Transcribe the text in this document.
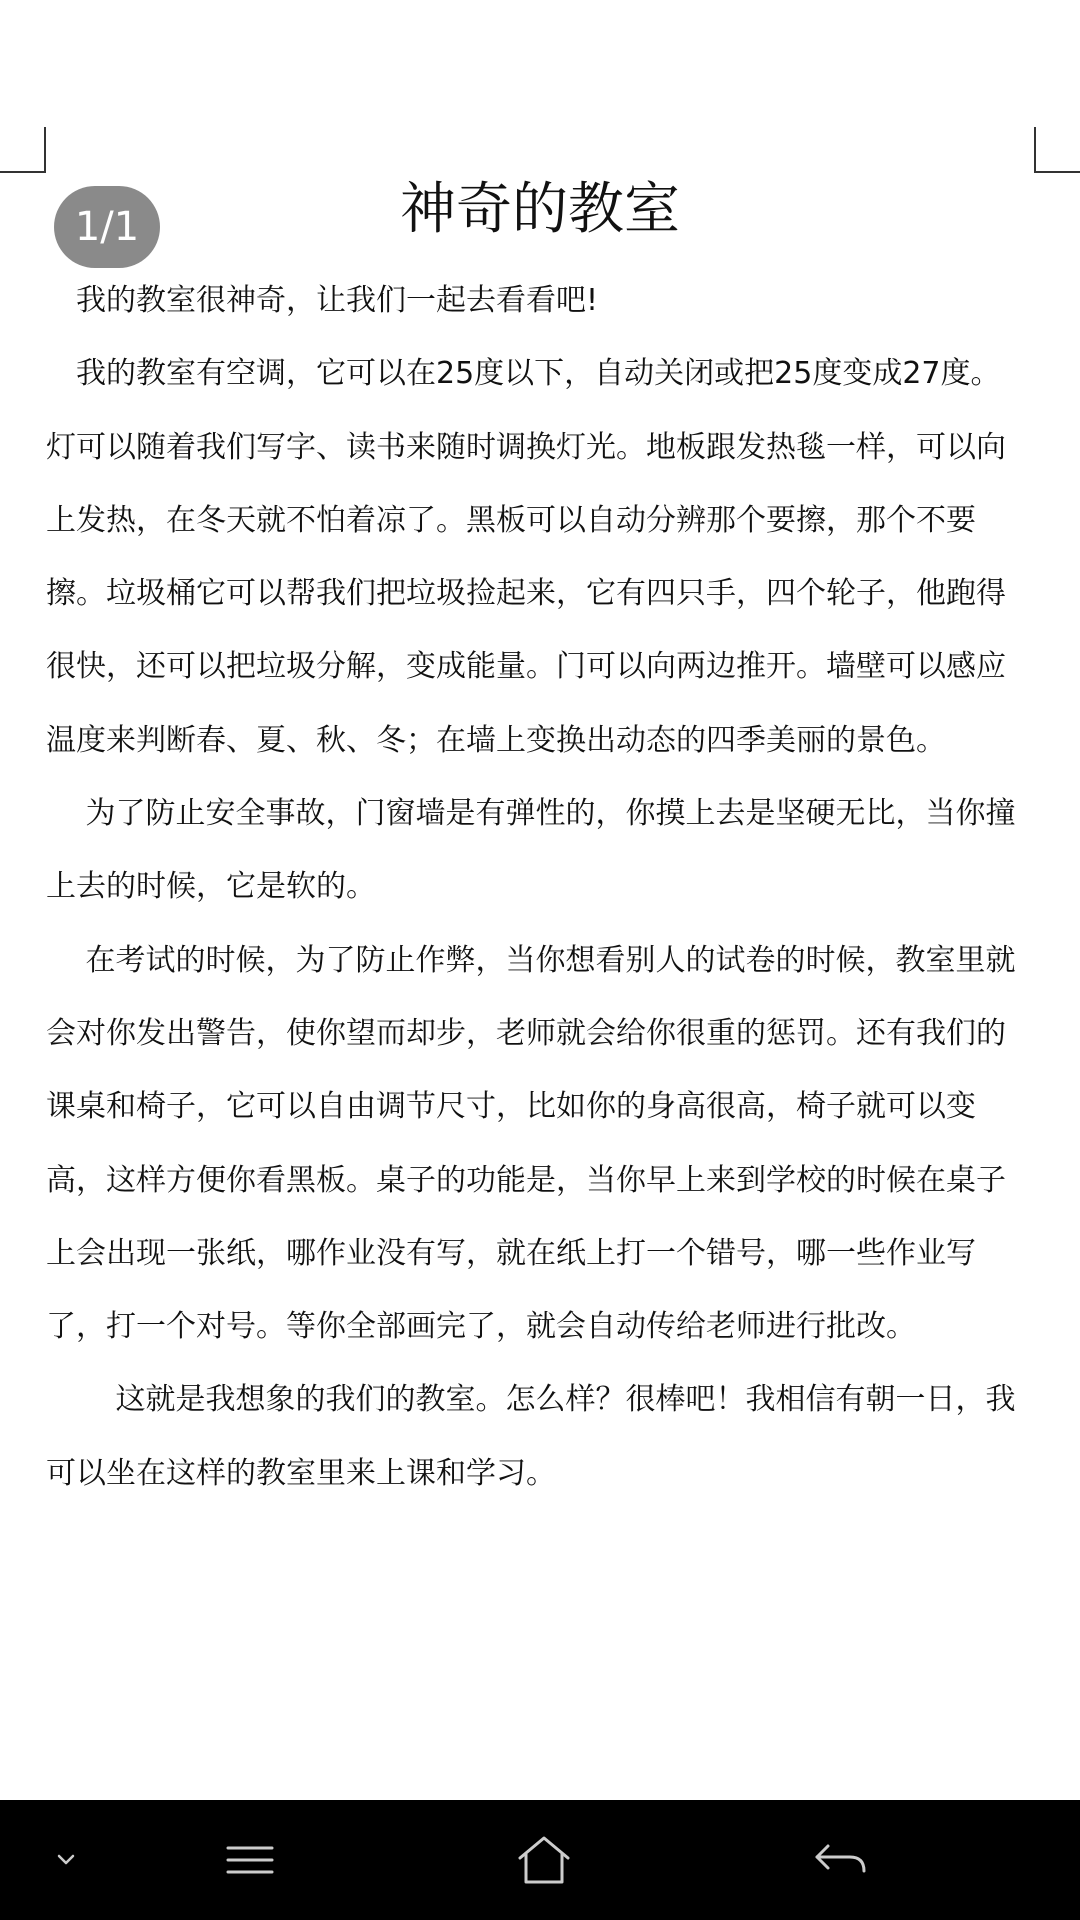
1/1	神奇的教室

　我的教室很神奇，让我们一起去看看吧!

　我的教室有空调，它可以在25度以下，自动关闭或把25度变成27度。灯可以随着我们写字、读书来随时调换灯光。地板跟发热毯一样，可以向上发热，在冬天就不怕着凉了。黑板可以自动分辨那个要擦，那个不要擦。垃圾桶它可以帮我们把垃圾捡起来，它有四只手，四个轮子，他跑得很快，还可以把垃圾分解，变成能量。门可以向两边推开。墙壁可以感应温度来判断春、夏、秋、冬；在墙上变换出动态的四季美丽的景色。

　 为了防止安全事故，门窗墙是有弹性的，你摸上去是坚硬无比，当你撞上去的时候，它是软的。

　 在考试的时候，为了防止作弊，当你想看别人的试卷的时候，教室里就会对你发出警告，使你望而却步，老师就会给你很重的惩罚。还有我们的课桌和椅子，它可以自由调节尺寸，比如你的身高很高，椅子就可以变高，这样方便你看黑板。桌子的功能是，当你早上来到学校的时候在桌子上会出现一张纸，哪作业没有写，就在纸上打一个错号，哪一些作业写了，打一个对号。等你全部画完了，就会自动传给老师进行批改。

　　 这就是我想象的我们的教室。怎么样？很棒吧！我相信有朝一日，我可以坐在这样的教室里来上课和学习。
